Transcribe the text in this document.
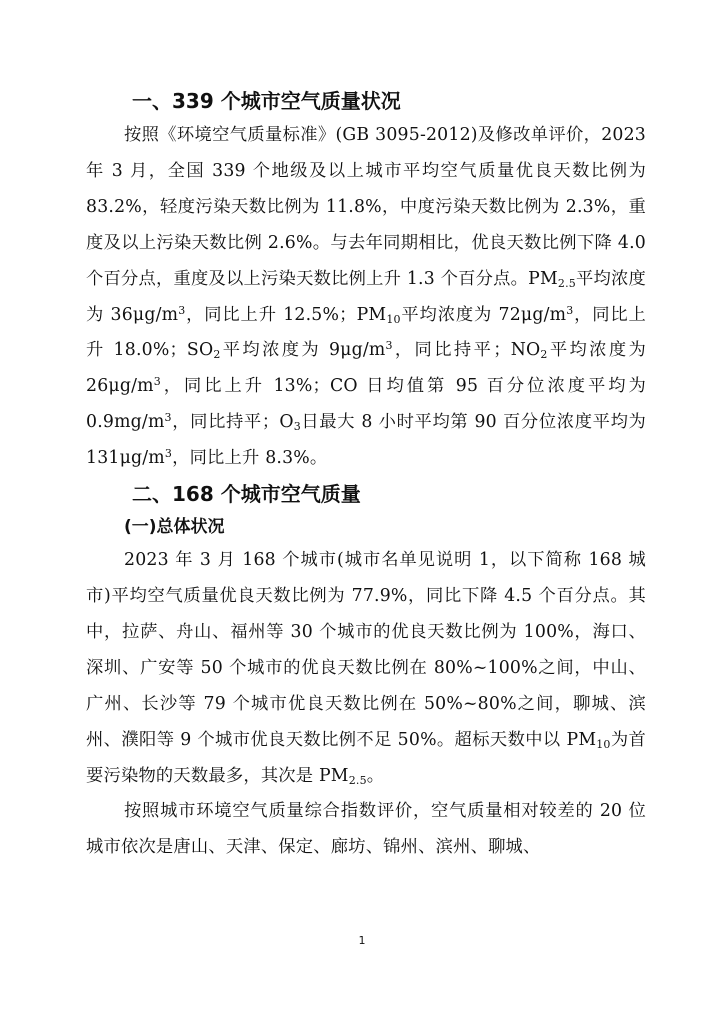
一、339 个城市空气质量状况

按照《环境空气质量标准》(GB 3095-2012)及修改单评价，2023 年 3 月，全国 339 个地级及以上城市平均空气质量优良天数比例为 83.2%，轻度污染天数比例为 11.8%，中度污染天数比例为 2.3%，重度及以上污染天数比例 2.6%。与去年同期相比，优良天数比例下降 4.0 个百分点，重度及以上污染天数比例上升 1.3 个百分点。$PM_{2.5}$平均浓度为 $36\mu g/m^3$，同比上升 12.5%；$PM_{10}$平均浓度为 $72\mu g/m^3$，同比上升 18.0%；$SO_2$平均浓度为 $9\mu g/m^3$，同比持平；$NO_2$平均浓度为 $26\mu g/m^3$，同比上升 13%；CO 日均值第 95 百分位浓度平均为 $0.9mg/m^3$，同比持平；$O_3$日最大 8 小时平均第 90 百分位浓度平均为 $131\mu g/m^3$，同比上升 8.3%。

二、168 个城市空气质量
(一)总体状况

2023 年 3 月 168 个城市(城市名单见说明 1，以下简称 168 城市)平均空气质量优良天数比例为 77.9%，同比下降 4.5 个百分点。其中，拉萨、舟山、福州等 30 个城市的优良天数比例为 100%，海口、深圳、广安等 50 个城市的优良天数比例在 80%~100%之间，中山、广州、长沙等 79 个城市优良天数比例在 50%~80%之间，聊城、滨州、濮阳等 9 个城市优良天数比例不足 50%。超标天数中以 $PM_{10}$为首要污染物的天数最多，其次是 $PM_{2.5}$。

按照城市环境空气质量综合指数评价，空气质量相对较差的 20 位城市依次是唐山、天津、保定、廊坊、锦州、滨州、聊城、

1
